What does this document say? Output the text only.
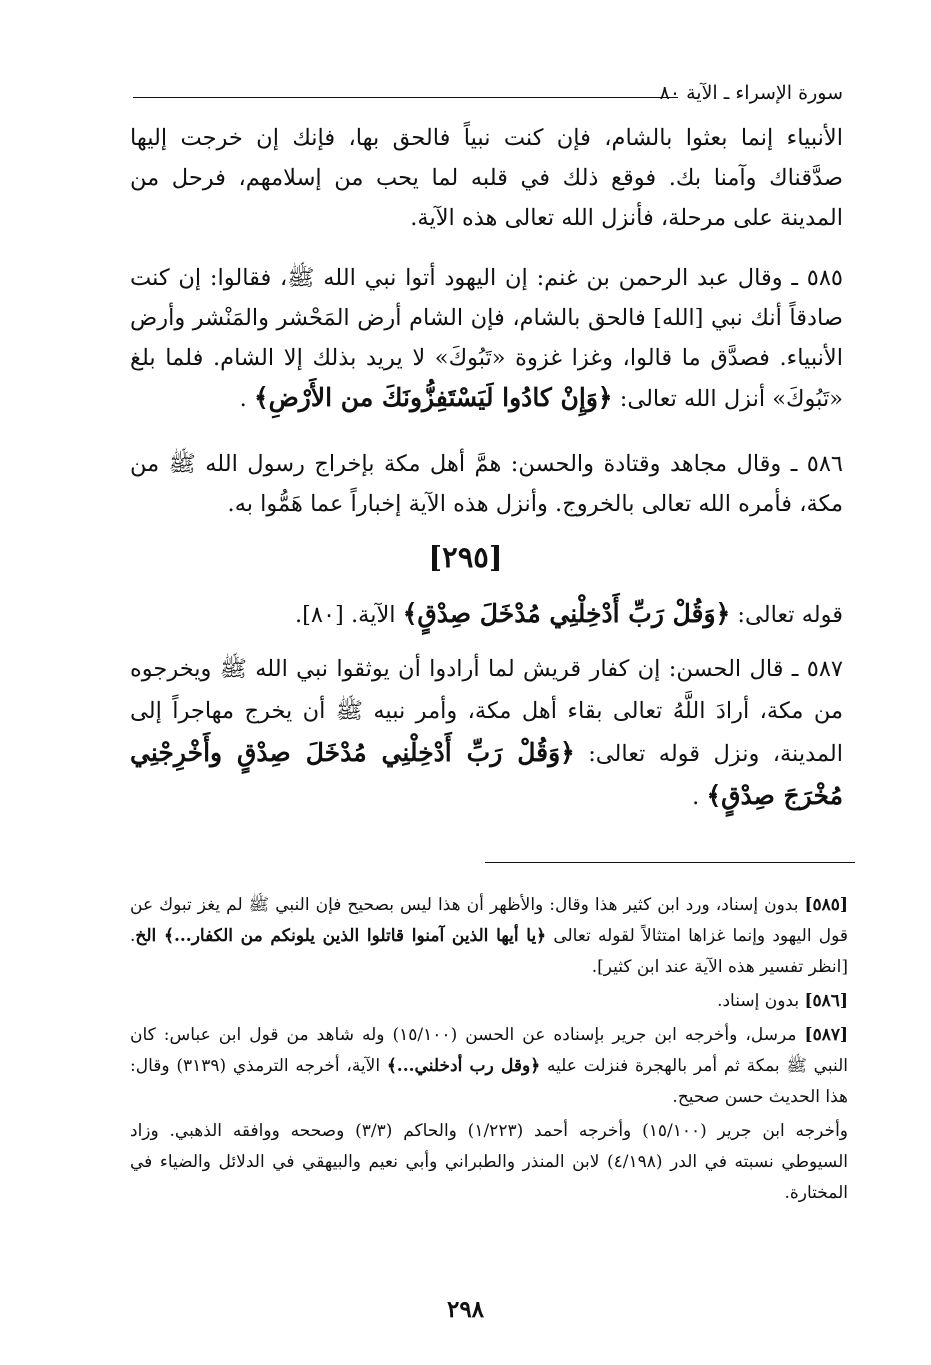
سورة الإسراء ـ الآية ٨٠
الأنبياء إنما بعثوا بالشام، فإن كنت نبياً فالحق بها، فإنك إن خرجت إليها صدَّقناك وآمنا بك. فوقع ذلك في قلبه لما يحب من إسلامهم، فرحل من المدينة على مرحلة، فأنزل الله تعالى هذه الآية.
٥٨٥ ـ وقال عبد الرحمن بن غنم: إن اليهود أتوا نبي الله ﷺ، فقالوا: إن كنت صادقاً أنك نبي [الله] فالحق بالشام، فإن الشام أرض المَحْشر والمَنْشر وأرض الأنبياء. فصدَّق ما قالوا، وغزا غزوة «تَبُوكَ» لا يريد بذلك إلا الشام. فلما بلغ «تَبُوكَ» أنزل الله تعالى: ﴿وَإِنْ كادُوا لَيَسْتَفِزُّونَكَ من الأَرْضِ﴾ .
٥٨٦ ـ وقال مجاهد وقتادة والحسن: همَّ أهل مكة بإخراج رسول الله ﷺ من مكة، فأمره الله تعالى بالخروج. وأنزل هذه الآية إخباراً عما هَمُّوا به.
[٢٩٥]
قوله تعالى: ﴿وَقُلْ رَبِّ أَدْخِلْنِي مُدْخَلَ صِدْقٍ﴾ الآية. [٨٠].
٥٨٧ ـ قال الحسن: إن كفار قريش لما أرادوا أن يوثقوا نبي الله ﷺ ويخرجوه من مكة، أرادَ اللَّهُ تعالى بقاء أهل مكة، وأمر نبيه ﷺ أن يخرج مهاجراً إلى المدينة، ونزل قوله تعالى: ﴿وَقُلْ رَبِّ أَدْخِلْنِي مُدْخَلَ صِدْقٍ وأَخْرِجْنِي مُخْرَجَ صِدْقٍ﴾ .
[٥٨٥] بدون إسناد، ورد ابن كثير هذا وقال: والأظهر أن هذا ليس بصحيح فإن النبي ﷺ لم يغز تبوك عن قول اليهود وإنما غزاها امتثالاً لقوله تعالى ﴿يا أيها الذين آمنوا قاتلوا الذين يلونكم من الكفار...﴾ الخ. [انظر تفسير هذه الآية عند ابن كثير].
[٥٨٦] بدون إسناد.
[٥٨٧] مرسل، وأخرجه ابن جرير بإسناده عن الحسن (١٥/١٠٠) وله شاهد من قول ابن عباس: كان النبي ﷺ بمكة ثم أمر بالهجرة فنزلت عليه ﴿وقل رب أدخلني...﴾ الآية، أخرجه الترمذي (٣١٣٩) وقال: هذا الحديث حسن صحيح.
وأخرجه ابن جرير (١٥/١٠٠) وأخرجه أحمد (١/٢٢٣) والحاكم (٣/٣) وصححه ووافقه الذهبي. وزاد السيوطي نسبته في الدر (٤/١٩٨) لابن المنذر والطبراني وأبي نعيم والبيهقي في الدلائل والضياء في المختارة.
٢٩٨
